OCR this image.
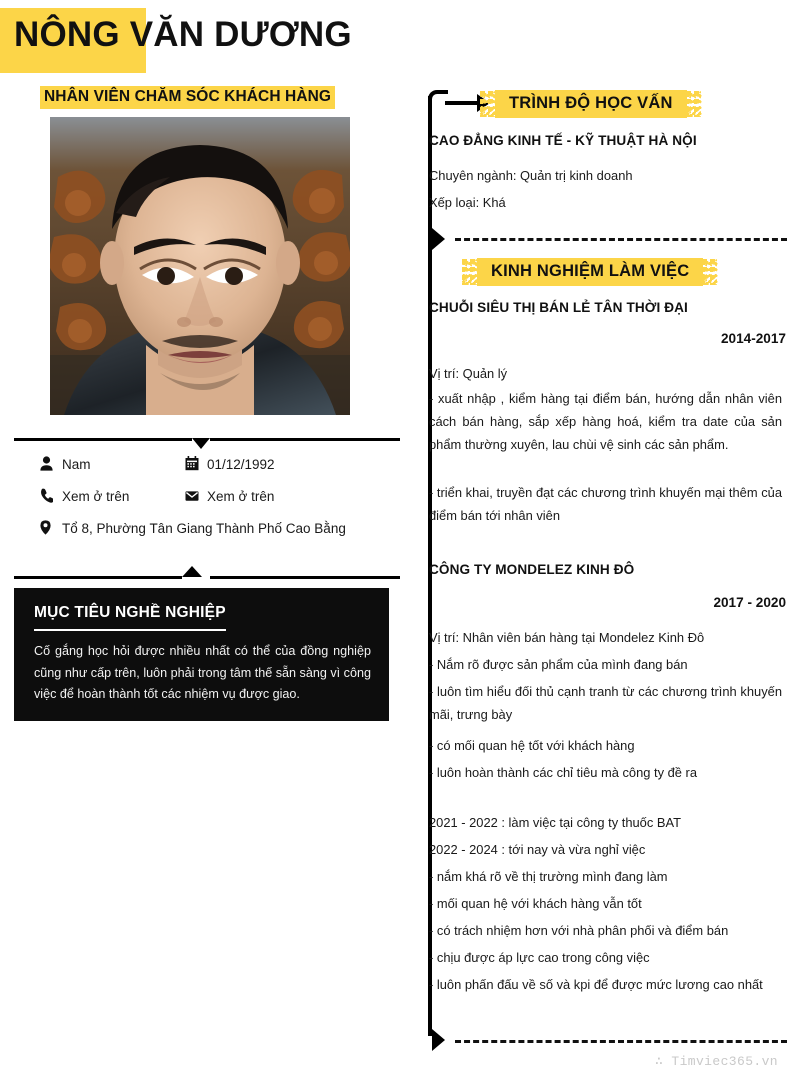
NÔNG VĂN DƯƠNG
NHÂN VIÊN CHĂM SÓC KHÁCH HÀNG
Nam	01/12/1992
Xem ở trên	Xem ở trên
Tổ 8, Phường Tân Giang Thành Phố Cao Bằng
MỤC TIÊU NGHỀ NGHIỆP
Cố gắng học hỏi được nhiều nhất có thể của đồng nghiệp cũng như cấp trên, luôn phải trong tâm thế sẵn sàng vì công việc để hoàn thành tốt các nhiệm vụ được giao.
TRÌNH ĐỘ HỌC VẤN
CAO ĐẲNG KINH TẾ - KỸ THUẬT HÀ NỘI
Chuyên ngành: Quản trị kinh doanh
Xếp loại: Khá
KINH NGHIỆM LÀM VIỆC
CHUỖI SIÊU THỊ BÁN LẺ TÂN THỜI ĐẠI
2014-2017
Vị trí: Quản lý
- xuất nhập , kiểm hàng tại điểm bán, hướng dẫn nhân viên cách bán hàng, sắp xếp hàng hoá, kiểm tra date của sản phẩm thường xuyên, lau chùi vệ sinh các sản phẩm.
- triển khai, truyền đạt các chương trình khuyến mại thêm của điểm bán tới nhân viên
CÔNG TY MONDELEZ KINH ĐÔ
2017 - 2020
Vị trí: Nhân viên bán hàng tại Mondelez Kinh Đô
- Nắm rõ được sản phẩm của mình đang bán
- luôn tìm hiểu đối thủ cạnh tranh từ các chương trình khuyến mãi, trưng bày
- có mối quan hệ tốt với khách hàng
- luôn hoàn thành các chỉ tiêu mà công ty đề ra
2021 - 2022 : làm việc tại công ty thuốc BAT
2022 - 2024 : tới nay và vừa nghỉ việc
- nắm khá rõ về thị trường mình đang làm
- mối quan hệ với khách hàng vẫn tốt
- có trách nhiệm hơn với nhà phân phối và điểm bán
- chịu được áp lực cao trong công việc
- luôn phấn đấu về số và kpi để được mức lương cao nhất
∴ Timviec365.vn
